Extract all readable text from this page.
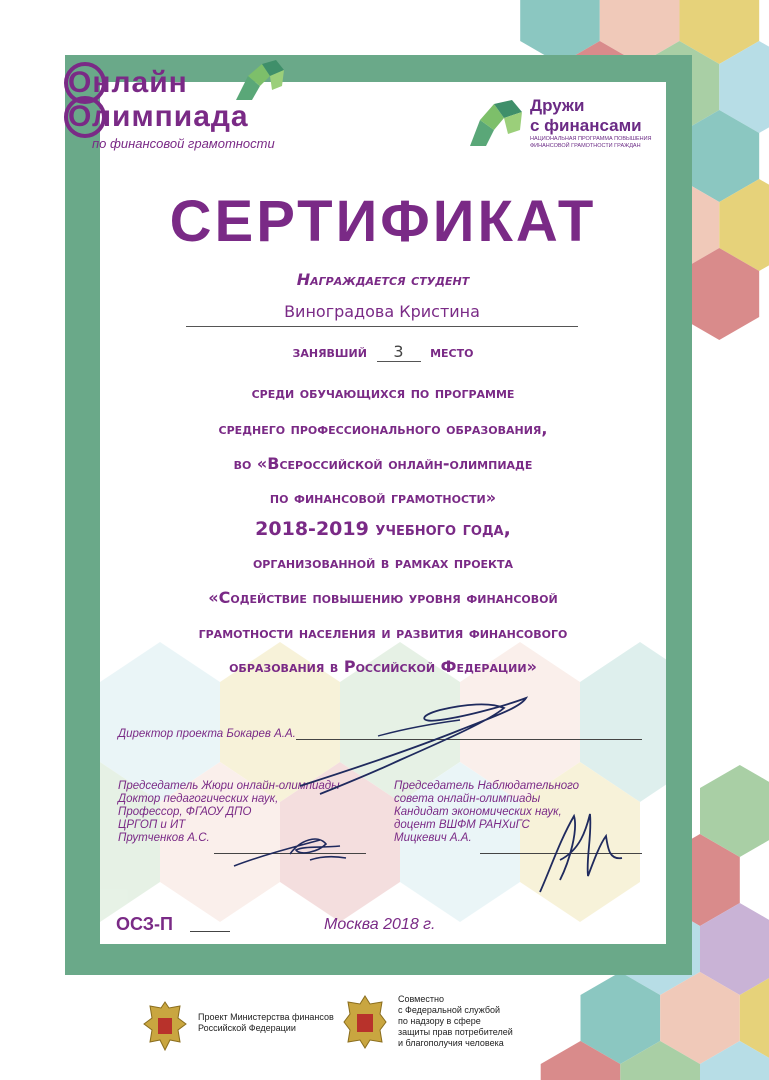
Онлайн
Олимпиада
по финансовой грамотности
Дружи
с финансами
НАЦИОНАЛЬНАЯ ПРОГРАММА ПОВЫШЕНИЯ ФИНАНСОВОЙ ГРАМОТНОСТИ ГРАЖДАН
СЕРТИФИКАТ
Награждается студент
Виноградова Кристина
занявший 3 место
среди обучающихся по программе
среднего профессионального образования,
во «Всероссийской онлайн-олимпиаде
по финансовой грамотности»
2018-2019 учебного года,
организованной в рамках проекта
«Содействие повышению уровня финансовой
грамотности населения и развития финансового
образования в Российской Федерации»
Директор проекта Бокарев А.А.
Председатель Жюри онлайн-олимпиады
Доктор педагогических наук,
Профессор, ФГАОУ ДПО
ЦРГОП и ИТ
Прутченков А.С.
Председатель Наблюдательного
совета онлайн-олимпиады
Кандидат экономических наук,
доцент ВШФМ РАНХиГС
Мицкевич А.А.
ОСЗ-П	Москва 2018 г.
Проект Министерства финансов
Российской Федерации
Совместно
с Федеральной службой
по надзору в сфере
защиты прав потребителей
и благополучия человека
